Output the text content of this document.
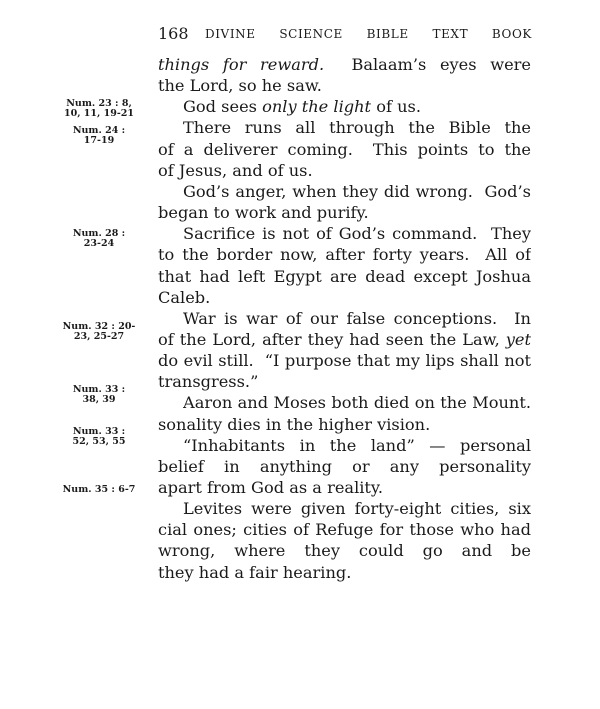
168 DIVINE SCIENCE BIBLE TEXT BOOK
Num. 23 : 8,
10, 11, 19-21
Num. 24 :
17-19
Num. 28 :
23-24
Num. 32 : 20-
23, 25-27
Num. 33 :
38, 39
Num. 33 :
52, 53, 55
Num. 35 : 6-7
things for reward.  Balaam’s eyes were
the Lord, so he saw.
God sees only the light of us.
There runs all through the Bible the
of a deliverer coming.  This points to the
of Jesus, and of us.
God’s anger, when they did wrong.  God’s
began to work and purify.
Sacrifice is not of God’s command.  They
to the border now, after forty years.  All of
that had left Egypt are dead except Joshua
Caleb.
War is war of our false conceptions.  In
of the Lord, after they had seen the Law, yet
do evil still.  “I purpose that my lips shall not
transgress.”
Aaron and Moses both died on the Mount.
sonality dies in the higher vision.
“Inhabitants in the land” — personal
belief in anything or any personality
apart from God as a reality.
Levites were given forty-eight cities, six
cial ones; cities of Refuge for those who had
wrong, where they could go and be
they had a fair hearing.
